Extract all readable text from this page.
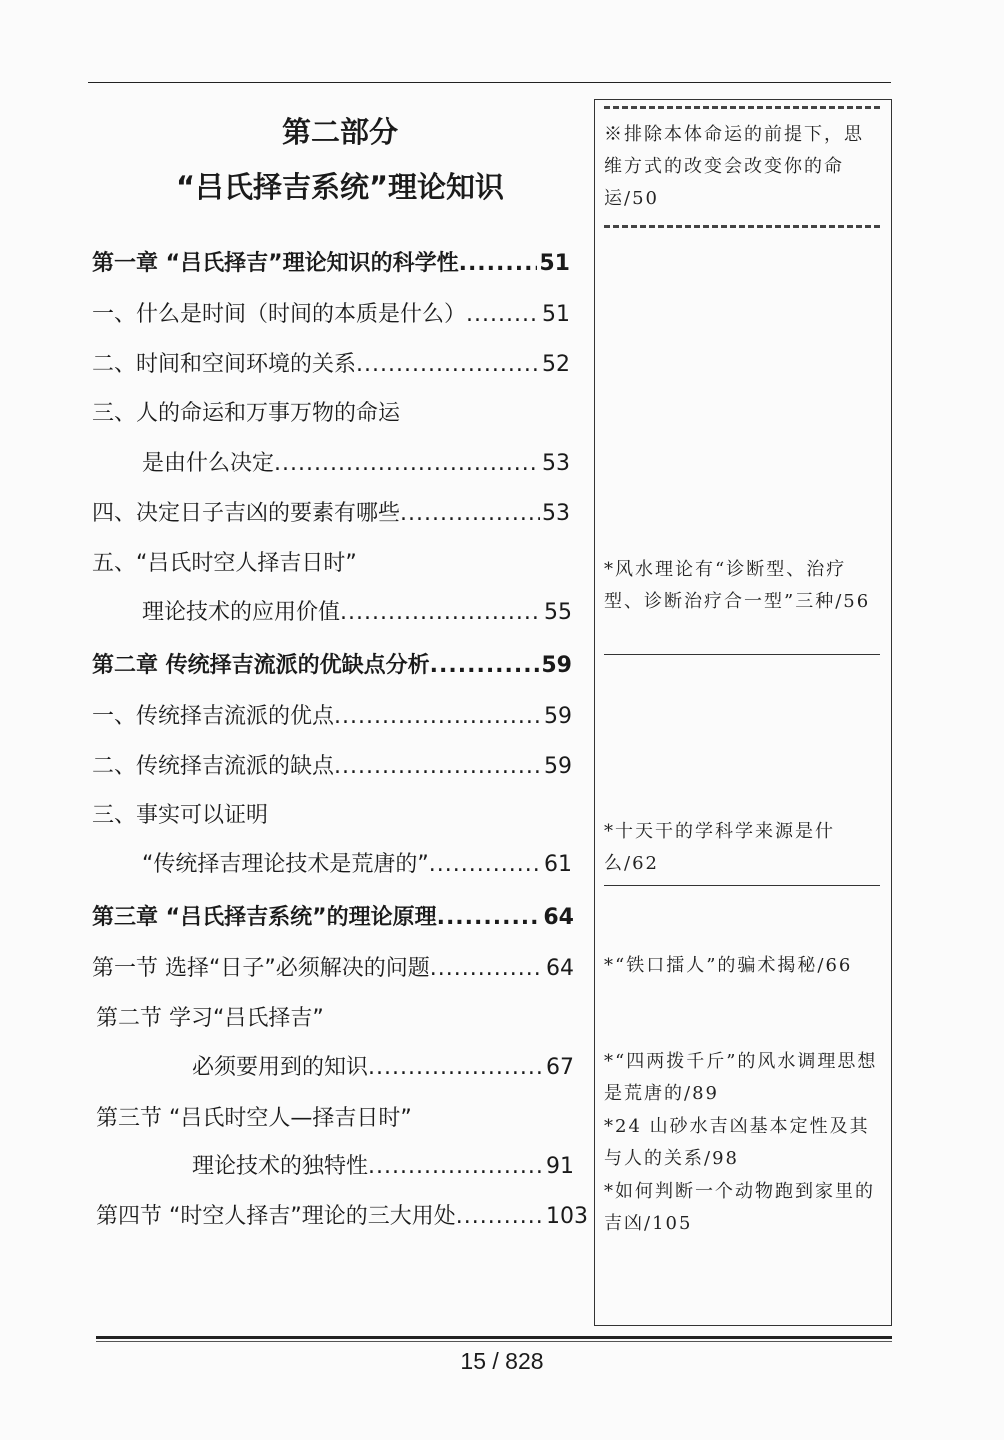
第二部分
“吕氏择吉系统”理论知识
第一章 “吕氏择吉”理论知识的科学性 .....	51
一、什么是时间（时间的本质是什么） .....	51
二、时间和空间环境的关系 .....	52
三、人的命运和万事万物的命运
是由什么决定 .....	53
四、决定日子吉凶的要素有哪些 .....	53
五、“吕氏时空人择吉日时”
理论技术的应用价值 .....	55
第二章 传统择吉流派的优缺点分析 .....	59
一、传统择吉流派的优点 .....	59
二、传统择吉流派的缺点 .....	59
三、事实可以证明
“传统择吉理论技术是荒唐的” .....	61
第三章 “吕氏择吉系统”的理论原理 .....	64
第一节 选择“日子”必须解决的问题 .....	64
第二节 学习“吕氏择吉”
必须要用到的知识 .....	67
第三节 “吕氏时空人—择吉日时”
理论技术的独特性 .....	91
第四节 “时空人择吉”理论的三大用处 .....	103
※排除本体命运的前提下，思维方式的改变会改变你的命运/50
*风水理论有“诊断型、治疗型、诊断治疗合一型”三种/56
*十天干的学科学来源是什么/62
*“铁口擂人”的骗术揭秘/66
*“四两拨千斤”的风水调理思想是荒唐的/89
*24 山砂水吉凶基本定性及其与人的关系/98
*如何判断一个动物跑到家里的吉凶/105
15 / 828
